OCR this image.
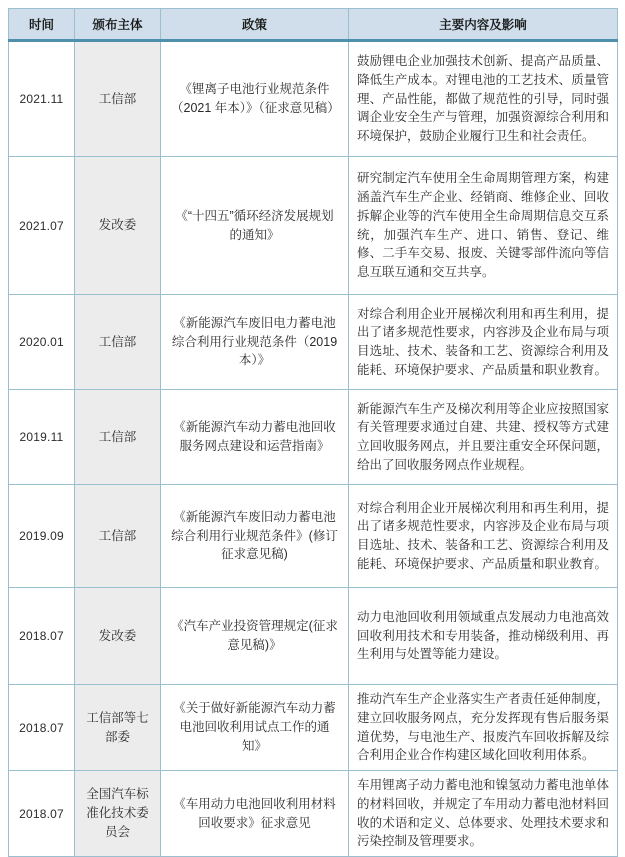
时间	颁布主体	政策	主要内容及影响
2021.11	工信部	《锂离子电池行业规范条件（2021 年本）》（征求意见稿）	鼓励锂电企业加强技术创新、提高产品质量、降低生产成本。对锂电池的工艺技术、质量管理、产品性能，都做了规范性的引导，同时强调企业安全生产与管理，加强资源综合利用和环境保护，鼓励企业履行卫生和社会责任。
2021.07	发改委	《“十四五”循环经济发展规划的通知》	研究制定汽车使用全生命周期管理方案，构建涵盖汽车生产企业、经销商、维修企业、回收拆解企业等的汽车使用全生命周期信息交互系统，加强汽车生产、进口、销售、登记、维修、二手车交易、报废、关键零部件流向等信息互联互通和交互共享。
2020.01	工信部	《新能源汽车废旧电力蓄电池综合利用行业规范条件（2019 本）》	对综合利用企业开展梯次利用和再生利用，提出了诸多规范性要求，内容涉及企业布局与项目选址、技术、装备和工艺、资源综合利用及能耗、环境保护要求、产品质量和职业教育。
2019.11	工信部	《新能源汽车动力蓄电池回收服务网点建设和运营指南》	新能源汽车生产及梯次利用等企业应按照国家有关管理要求通过自建、共建、授权等方式建立回收服务网点，并且要注重安全环保问题，给出了回收服务网点作业规程。
2019.09	工信部	《新能源汽车废旧动力蓄电池综合利用行业规范条件》(修订征求意见稿)	对综合利用企业开展梯次利用和再生利用，提出了诸多规范性要求，内容涉及企业布局与项目选址、技术、装备和工艺、资源综合利用及能耗、环境保护要求、产品质量和职业教育。
2018.07	发改委	《汽车产业投资管理规定(征求意见稿)》	动力电池回收利用领域重点发展动力电池高效回收利用技术和专用装备，推动梯级利用、再生利用与处置等能力建设。
2018.07	工信部等七部委	《关于做好新能源汽车动力蓄电池回收利用试点工作的通知》	推动汽车生产企业落实生产者责任延伸制度，建立回收服务网点，充分发挥现有售后服务渠道优势，与电池生产、报废汽车回收拆解及综合利用企业合作构建区域化回收利用体系。
2018.07	全国汽车标准化技术委员会	《车用动力电池回收利用材料回收要求》征求意见	车用锂离子动力蓄电池和镍氢动力蓄电池单体的材料回收，并规定了车用动力蓄电池材料回收的术语和定义、总体要求、处理技术要求和污染控制及管理要求。
